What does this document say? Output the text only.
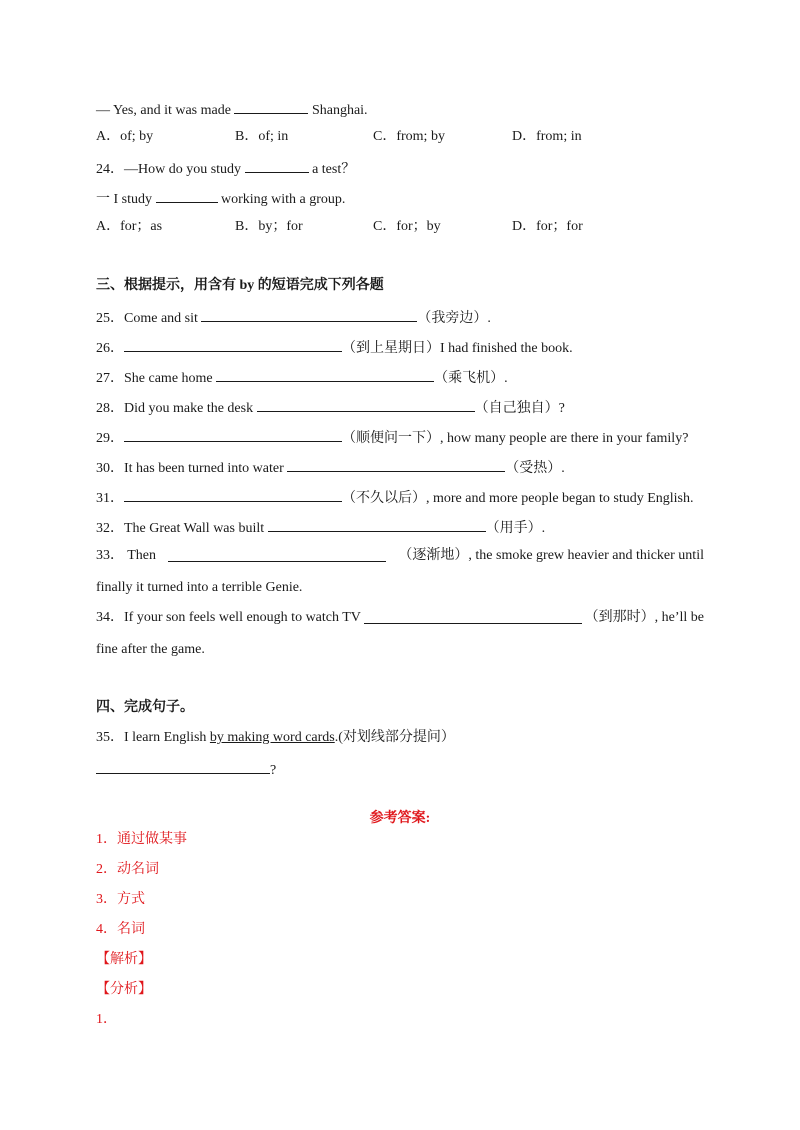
— Yes, and it was made	Shanghai.
A．of; by	B．of; in	C．from; by	D．from; in
24．—How do you study	a test？
一 I study	working with a group.
A．for；as	B．by；for	C．for；by	D．for；for
三、根据提示，用含有 by 的短语完成下列各题
25．Come and sit	（我旁边）.
26．	（到上星期日）I had finished the book.
27．She came home	（乘飞机）.
28．Did you make the desk	（自己独自）?
29．	（顺便问一下）, how many people are there in your family?
30．It has been turned into water	（受热）.
31．	（不久以后）, more and more people began to study English.
32．The Great Wall was built	（用手）.
33． Then	（逐渐地）, the smoke grew heavier and thicker until
finally it turned into a terrible Genie.
34．If your son feels well enough to watch TV	（到那时）, he’ll be
fine after the game.
四、完成句子。
35．I learn English by making word cards.(对划线部分提问）
?
参考答案:
1．通过做某事
2．动名词
3．方式
4．名词
【解析】
【分析】
1．
